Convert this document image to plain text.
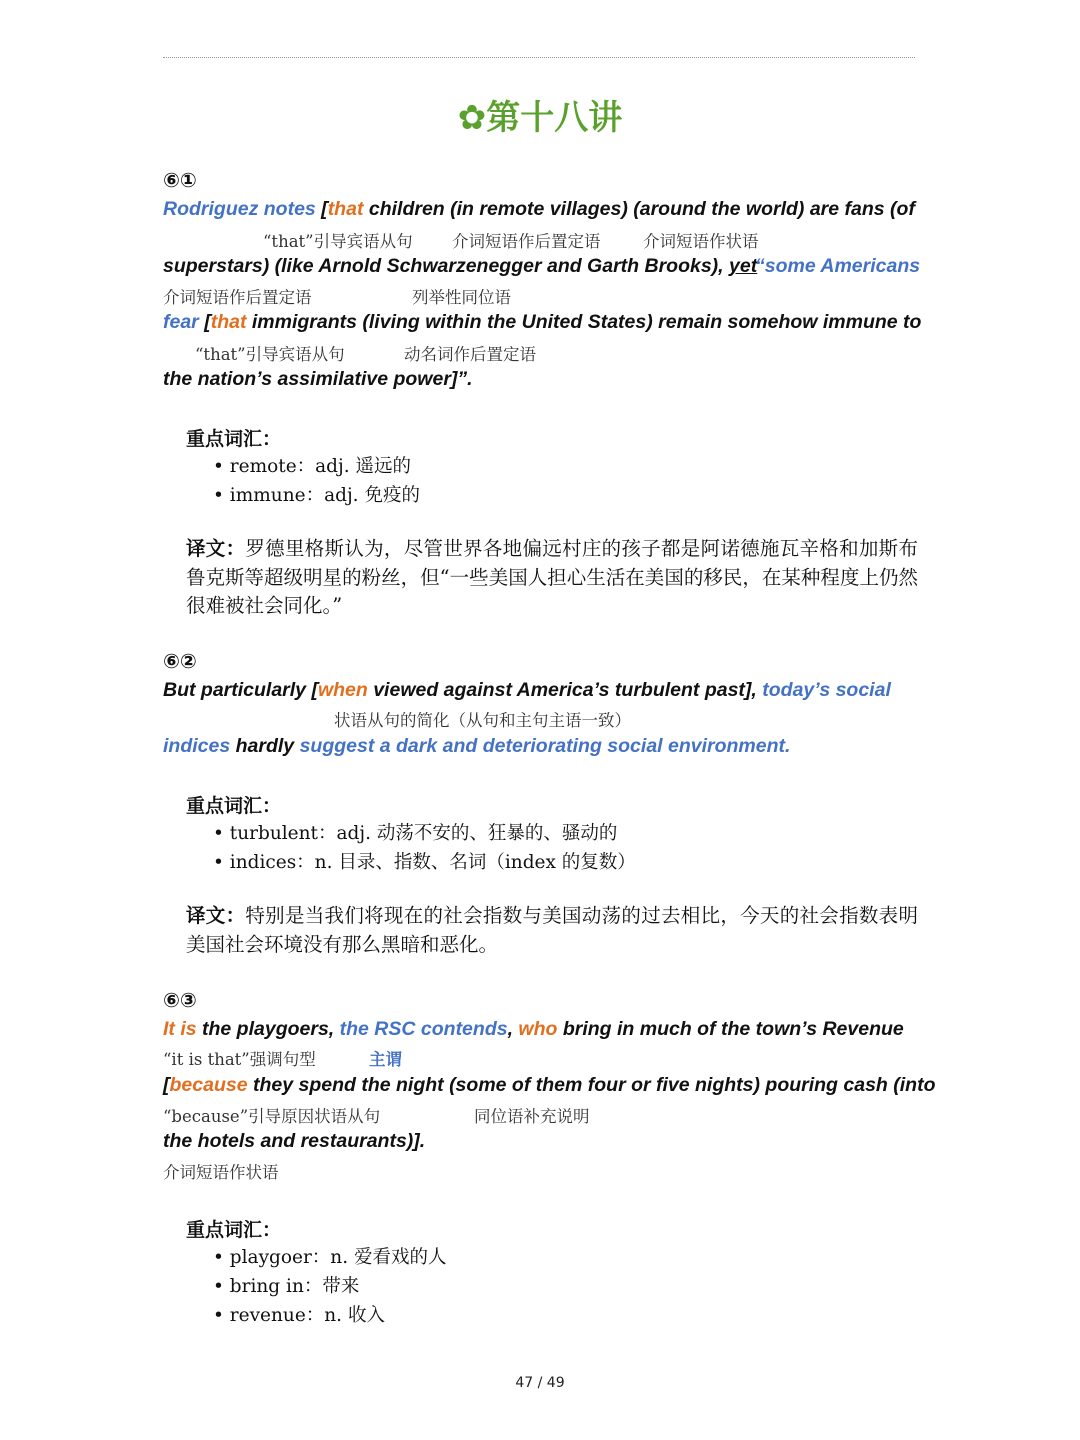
✿第十八讲
⑥①
Rodriguez notes [that children (in remote villages) (around the world) are fans (of
“that”引导宾语从句 介词短语作后置定语	介词短语作状语
superstars) (like Arnold Schwarzenegger and Garth Brooks), yet
“some Americans
介词短语作后置定语	列举性同位语
fear [that immigrants (living within the United States) remain somehow immune to
“that”引导宾语从句	动名词作后置定语
the nation’s assimilative power]”.
重点词汇：
• remote：adj. 遥远的
• immune：adj. 免疫的
译文：罗德里格斯认为，尽管世界各地偏远村庄的孩子都是阿诺德施瓦辛格和加斯布鲁克斯等超级明星的粉丝，但“一些美国人担心生活在美国的移民，在某种程度上仍然很难被社会同化。”
⑥②
But particularly [when viewed against America’s turbulent past], today’s social
状语从句的简化（从句和主句主语一致）
indices hardly suggest a dark and deteriorating social environment.
重点词汇：
• turbulent：adj. 动荡不安的、狂暴的、骚动的
• indices：n. 目录、指数、名词（index 的复数）
译文：特别是当我们将现在的社会指数与美国动荡的过去相比，今天的社会指数表明美国社会环境没有那么黑暗和恶化。
⑥③
It is the playgoers, the RSC contends, who bring in much of the town’s Revenue
“it is that”强调句型	主谓
[because they spend the night (some of them four or five nights) pouring cash (into
“because”引导原因状语从句	同位语补充说明
the hotels and restaurants)].
介词短语作状语
重点词汇：
• playgoer：n. 爱看戏的人
• bring in：带来
• revenue：n. 收入
47 / 49
